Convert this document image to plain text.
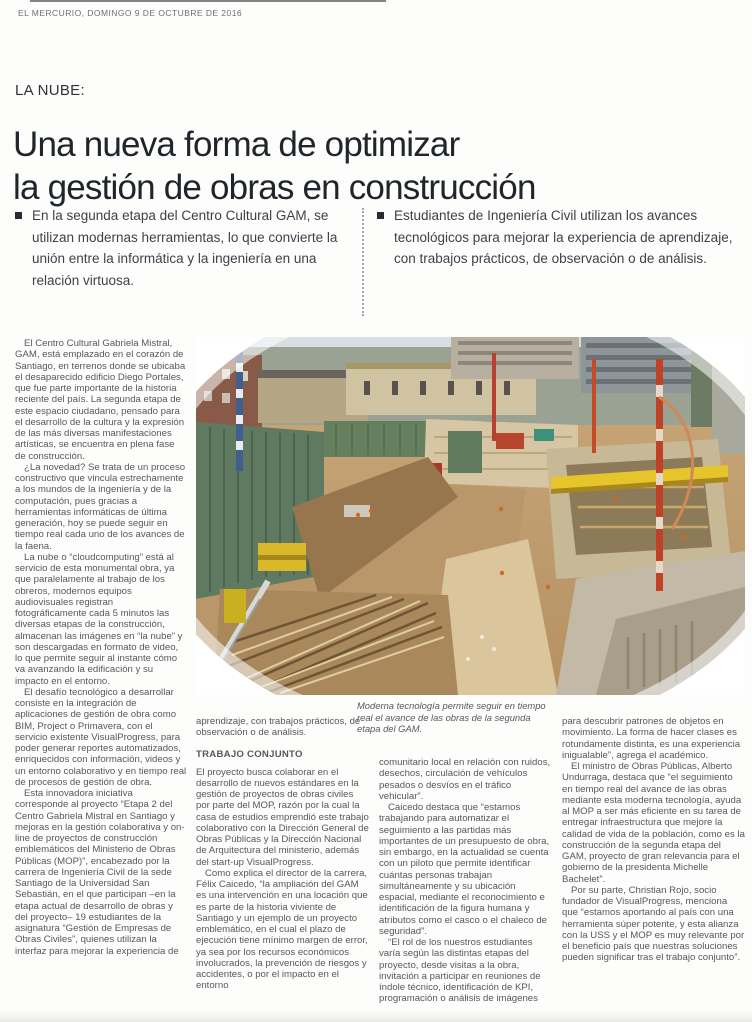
EL MERCURIO, DOMINGO 9 DE OCTUBRE DE 2016
LA NUBE:
Una nueva forma de optimizar
la gestión de obras en construcción
En la segunda etapa del Centro Cultural GAM, se utilizan modernas herramientas, lo que convierte la unión entre la informática y la ingeniería en una relación virtuosa.
Estudiantes de Ingeniería Civil utilizan los avances tecnológicos para mejorar la experiencia de aprendizaje, con trabajos prácticos, de observación o de análisis.

El Centro Cultural Gabriela Mistral, GAM, está emplazado en el corazón de Santiago, en terrenos donde se ubicaba el desaparecido edificio Diego Portales, que fue parte importante de la historia reciente del país. La segunda etapa de este espacio ciudadano, pensado para el desarrollo de la cultura y la expresión de las más diversas manifestaciones artísticas, se encuentra en plena fase de construcción.

¿La novedad? Se trata de un proceso constructivo que vincula estrechamente a los mundos de la ingeniería y de la computación, pues gracias a herramientas informáticas de última generación, hoy se puede seguir en tiempo real cada uno de los avances de la faena.

La nube o “cloudcomputing” está al servicio de esta monumental obra, ya que paralelamente al trabajo de los obreros, modernos equipos audiovisuales registran fotográficamente cada 5 minutos las diversas etapas de la construcción, almacenan las imágenes en “la nube” y son descargadas en formato de video, lo que permite seguir al instante cómo va avanzando la edificación y su impacto en el entorno.

El desafío tecnológico a desarrollar consiste en la integración de aplicaciones de gestión de obra como BIM, Project o Primavera, con el servicio existente VisualProgress, para poder generar reportes automatizados, enriquecidos con información, videos y un entorno colaborativo y en tiempo real de procesos de gestión de obra.

Esta innovadora iniciativa corresponde al proyecto “Etapa 2 del Centro Gabriela Mistral en Santiago y mejoras en la gestión colaborativa y on-line de proyectos de construcción emblemáticos del Ministerio de Obras Públicas (MOP)”, encabezado por la carrera de Ingeniería Civil de la sede Santiago de la Universidad San Sebastián, en el que participan –en la etapa actual de desarrollo de obras y del proyecto– 19 estudiantes de la asignatura “Gestión de Empresas de Obras Civiles”, quienes utilizan la interfaz para mejorar la experiencia de

Moderna tecnología permite seguir en tiempo real el avance de las obras de la segunda etapa del GAM.

aprendizaje, con trabajos prácticos, de observación o de análisis.

TRABAJO CONJUNTO

El proyecto busca colaborar en el desarrollo de nuevos estándares en la gestión de proyectos de obras civiles por parte del MOP, razón por la cual la casa de estudios emprendió este trabajo colaborativo con la Dirección General de Obras Públicas y la Dirección Nacional de Arquitectura del ministerio, además del start-up VisualProgress.

Como explica el director de la carrera, Félix Caicedo, “la ampliación del GAM es una intervención en una locación que es parte de la historia viviente de Santiago y un ejemplo de un proyecto emblemático, en el cual el plazo de ejecución tiene mínimo margen de error, ya sea por los recursos económicos involucrados, la prevención de riesgos y accidentes, o por el impacto en el entorno

comunitario local en relación con ruidos, desechos, circulación de vehículos pesados o desvíos en el tráfico vehicular”.

Caicedo destaca que “estamos trabajando para automatizar el seguimiento a las partidas más importantes de un presupuesto de obra, sin embargo, en la actualidad se cuenta con un piloto que permite identificar cuántas personas trabajan simultáneamente y su ubicación espacial, mediante el reconocimiento e identificación de la figura humana y atributos como el casco o el chaleco de seguridad”.

“El rol de los nuestros estudiantes varía según las distintas etapas del proyecto, desde visitas a la obra, invitación a participar en reuniones de índole técnico, identificación de KPI, programación o análisis de imágenes

para descubrir patrones de objetos en movimiento. La forma de hacer clases es rotundamente distinta, es una experiencia inigualable”, agrega el académico.

El ministro de Obras Públicas, Alberto Undurraga, destaca que “el seguimiento en tiempo real del avance de las obras mediante esta moderna tecnología, ayuda al MOP a ser más eficiente en su tarea de entregar infraestructura que mejore la calidad de vida de la población, como es la construcción de la segunda etapa del GAM, proyecto de gran relevancia para el gobierno de la presidenta Michelle Bachelet”.

Por su parte, Christian Rojo, socio fundador de VisualProgress, menciona que “estamos aportando al país con una herramienta súper potente, y esta alianza con la USS y el MOP es muy relevante por el beneficio país que nuestras soluciones pueden significar tras el trabajo conjunto”.
